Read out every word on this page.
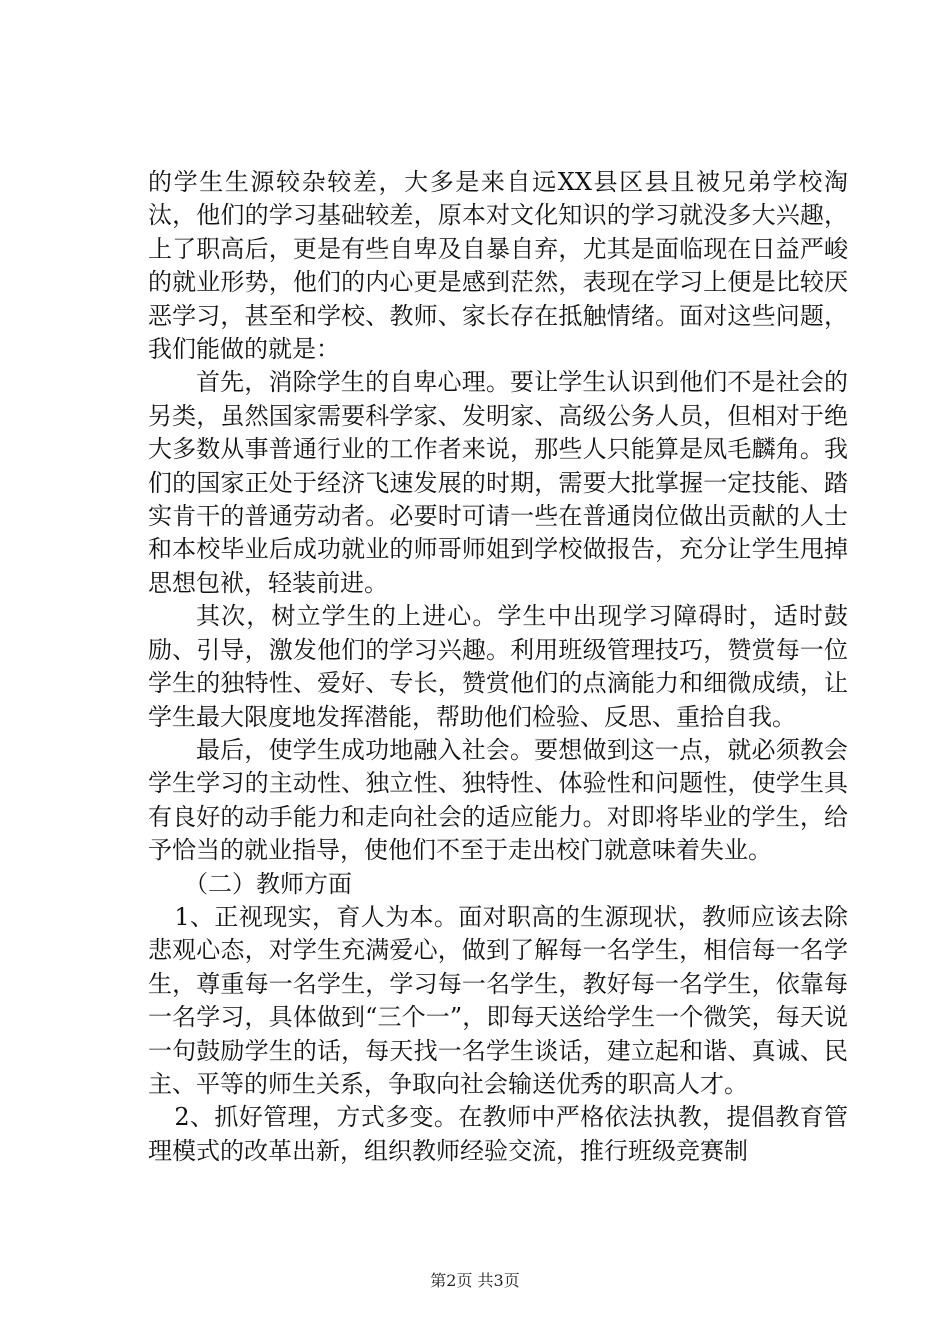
的学生生源较杂较差，大多是来自远XX县区县且被兄弟学校淘汰，他们的学习基础较差，原本对文化知识的学习就没多大兴趣，上了职高后，更是有些自卑及自暴自弃，尤其是面临现在日益严峻的就业形势，他们的内心更是感到茫然，表现在学习上便是比较厌恶学习，甚至和学校、教师、家长存在抵触情绪。面对这些问题，我们能做的就是：

首先，消除学生的自卑心理。要让学生认识到他们不是社会的另类，虽然国家需要科学家、发明家、高级公务人员，但相对于绝大多数从事普通行业的工作者来说，那些人只能算是凤毛麟角。我们的国家正处于经济飞速发展的时期，需要大批掌握一定技能、踏实肯干的普通劳动者。必要时可请一些在普通岗位做出贡献的人士和本校毕业后成功就业的师哥师姐到学校做报告，充分让学生甩掉思想包袱，轻装前进。

其次，树立学生的上进心。学生中出现学习障碍时，适时鼓励、引导，激发他们的学习兴趣。利用班级管理技巧，赞赏每一位学生的独特性、爱好、专长，赞赏他们的点滴能力和细微成绩，让学生最大限度地发挥潜能，帮助他们检验、反思、重拾自我。

最后，使学生成功地融入社会。要想做到这一点，就必须教会学生学习的主动性、独立性、独特性、体验性和问题性，使学生具有良好的动手能力和走向社会的适应能力。对即将毕业的学生，给予恰当的就业指导，使他们不至于走出校门就意味着失业。

（二）教师方面

1、正视现实，育人为本。面对职高的生源现状，教师应该去除悲观心态，对学生充满爱心，做到了解每一名学生，相信每一名学生，尊重每一名学生，学习每一名学生，教好每一名学生，依靠每一名学习，具体做到“三个一”，即每天送给学生一个微笑，每天说一句鼓励学生的话，每天找一名学生谈话，建立起和谐、真诚、民主、平等的师生关系，争取向社会输送优秀的职高人才。

2、抓好管理，方式多变。在教师中严格依法执教，提倡教育管理模式的改革出新，组织教师经验交流，推行班级竞赛制

第2页 共3页
